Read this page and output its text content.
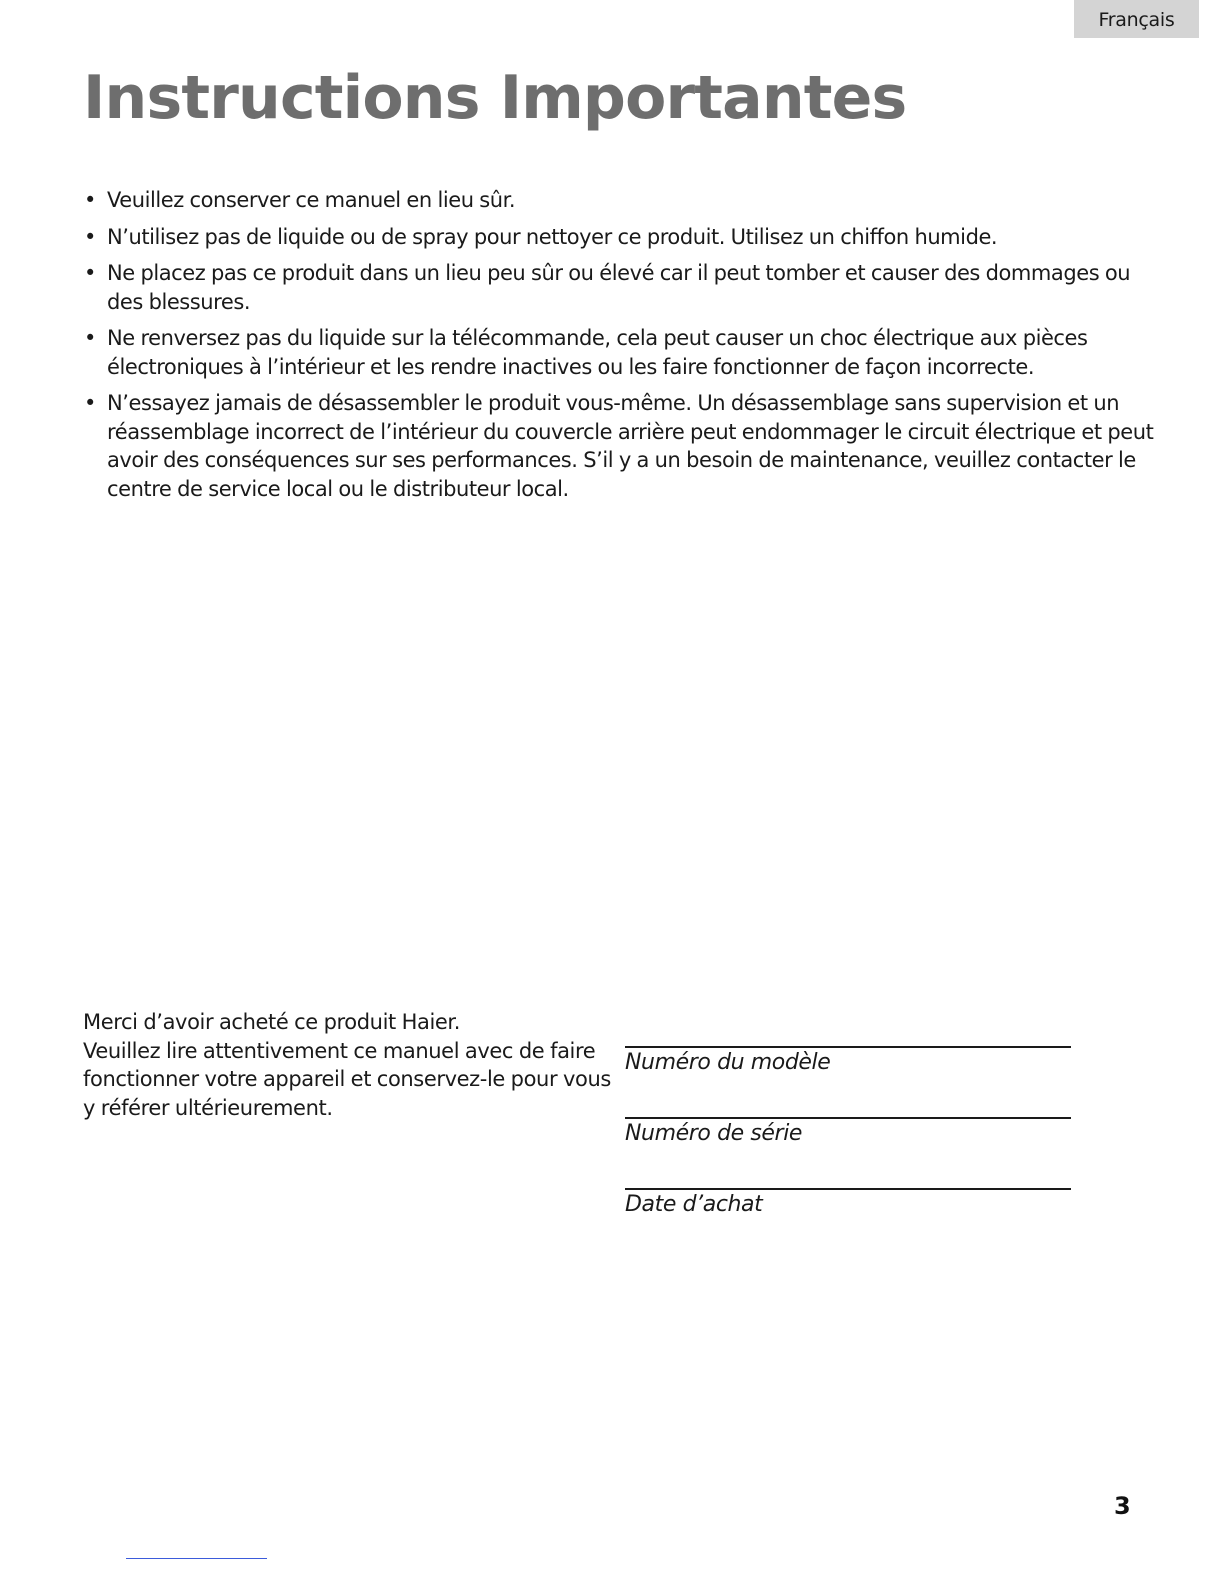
Français
Instructions Importantes
• Veuillez conserver ce manuel en lieu sûr.
• N’utilisez pas de liquide ou de spray pour nettoyer ce produit. Utilisez un chiffon humide.
• Ne placez pas ce produit dans un lieu peu sûr ou élevé car il peut tomber et causer des dommages ou des blessures.
• Ne renversez pas du liquide sur la télécommande, cela peut causer un choc électrique aux pièces électroniques à l’intérieur et les rendre inactives ou les faire fonctionner de façon incorrecte.
• N’essayez jamais de désassembler le produit vous-même. Un désassemblage sans supervision et un réassemblage incorrect de l’intérieur du couvercle arrière peut endommager le circuit électrique et peut avoir des conséquences sur ses performances. S’il y a un besoin de maintenance, veuillez contacter le centre de service local ou le distributeur local.

Merci d’avoir acheté ce produit Haier.

Veuillez lire attentivement ce manuel avec de faire fonctionner votre appareil et conservez-le pour vous y référer ultérieurement.

Numéro du modèle
Numéro de série
Date d’achat
3
